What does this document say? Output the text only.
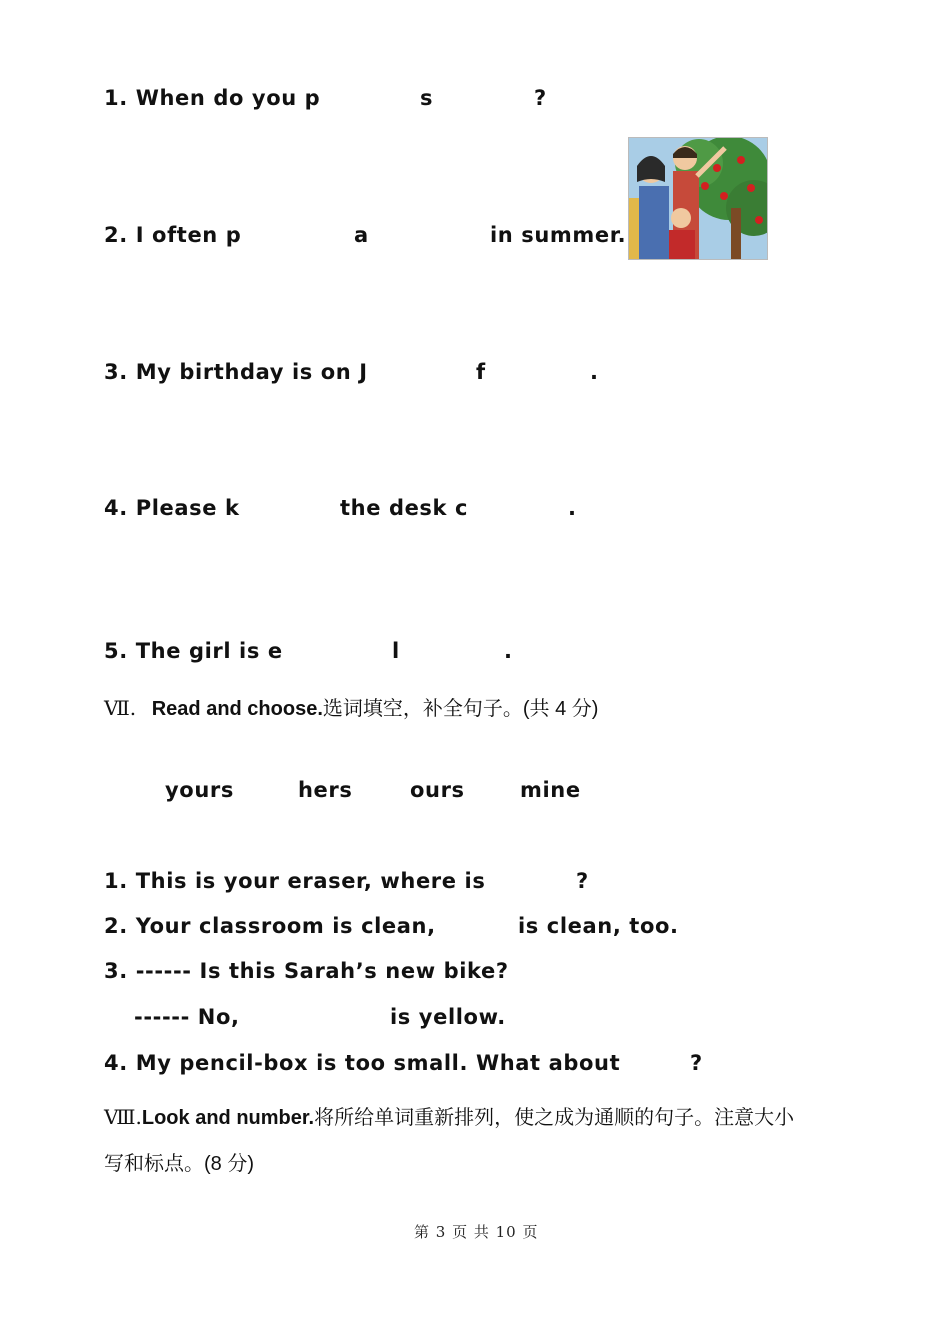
1. When do you p	s	?
2. I often p	a	in summer.
3. My birthday is on J	f	.
4. Please k	the desk c	.
5. The girl is e	l	.
Ⅶ. Read and choose.选词填空，补全句子。(共 4 分)
yours	hers	ours	mine
1. This is your eraser, where is	?
2. Your classroom is clean,	is clean, too.
3. ------ Is this Sarah’s new bike?
------ No,	is yellow.
4. My pencil-box is too small. What about	?
Ⅷ.Look and number.将所给单词重新排列，使之成为通顺的句子。注意大小
写和标点。(8 分)
第 3 页 共 10 页
